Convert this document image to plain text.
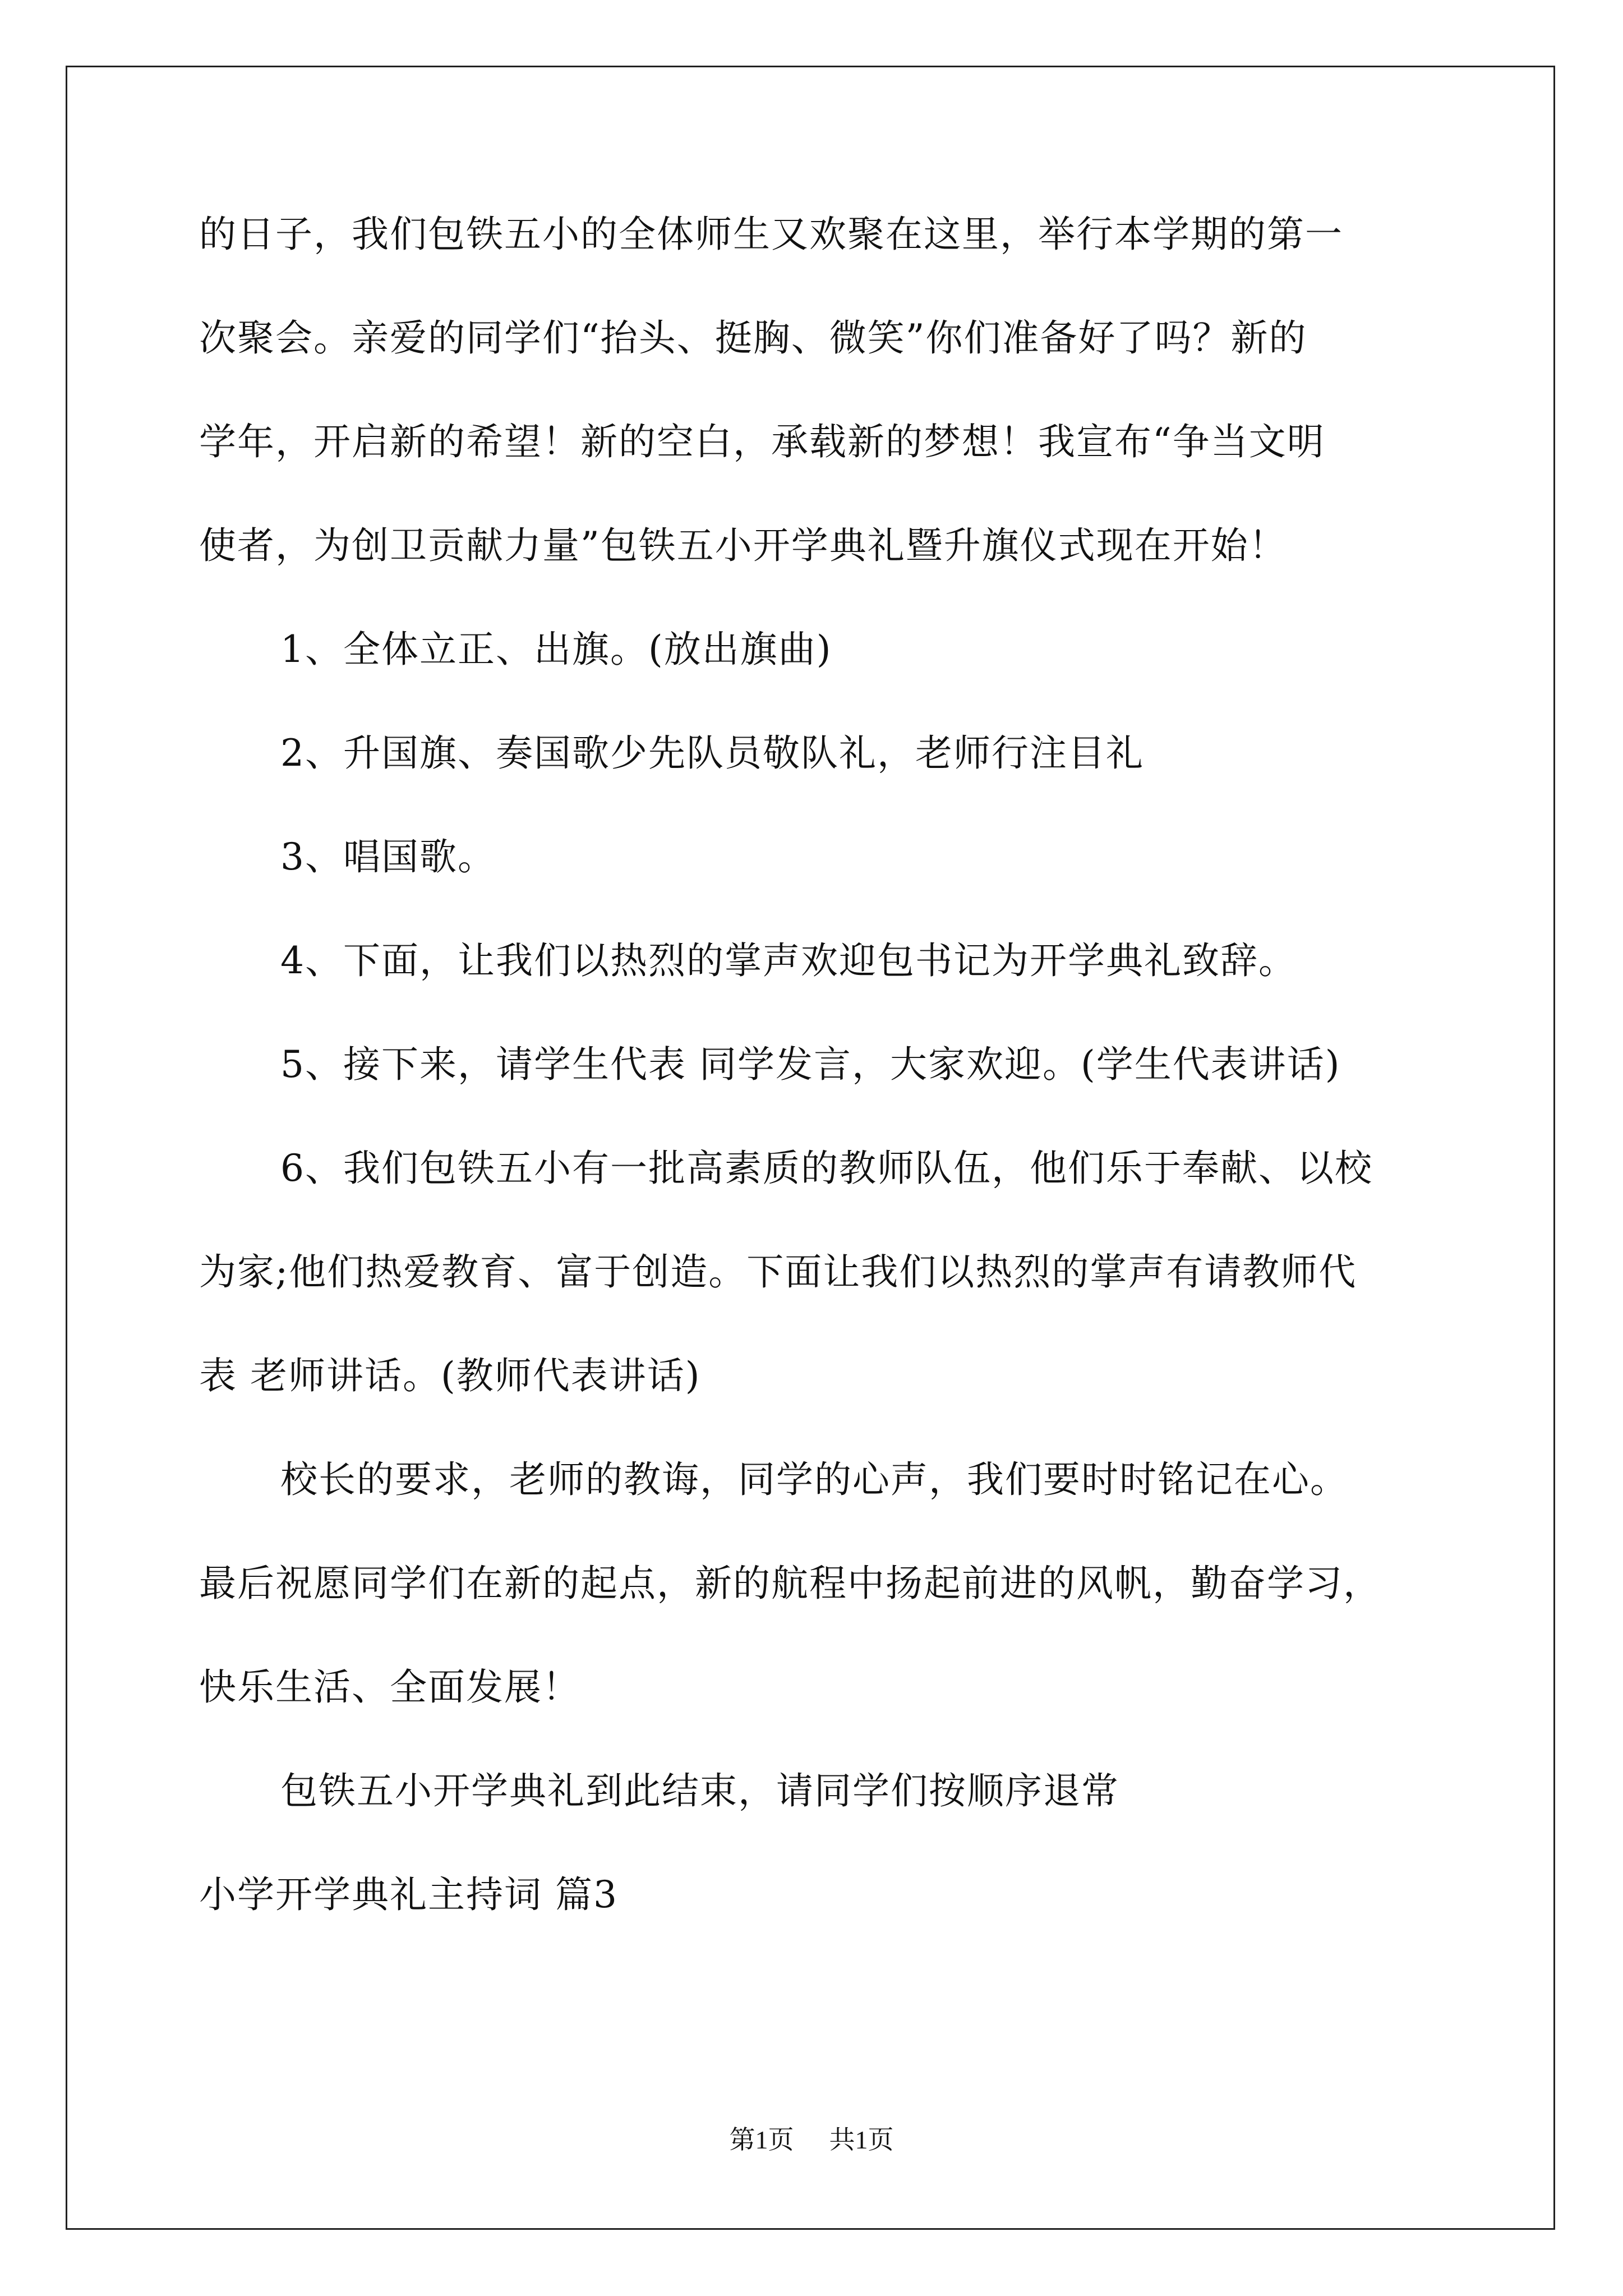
的日子，我们包铁五小的全体师生又欢聚在这里，举行本学期的第一

次聚会。亲爱的同学们“抬头、挺胸、微笑”你们准备好了吗？新的

学年，开启新的希望！新的空白，承载新的梦想！我宣布“争当文明

使者，为创卫贡献力量”包铁五小开学典礼暨升旗仪式现在开始！

1、全体立正、出旗。(放出旗曲)

2、升国旗、奏国歌少先队员敬队礼，老师行注目礼

3、唱国歌。

4、下面，让我们以热烈的掌声欢迎包书记为开学典礼致辞。

5、接下来，请学生代表 同学发言，大家欢迎。(学生代表讲话)

6、我们包铁五小有一批高素质的教师队伍，他们乐于奉献、以校

为家;他们热爱教育、富于创造。下面让我们以热烈的掌声有请教师代

表 老师讲话。(教师代表讲话)

校长的要求，老师的教诲，同学的心声，我们要时时铭记在心。

最后祝愿同学们在新的起点，新的航程中扬起前进的风帆，勤奋学习，

快乐生活、全面发展！

包铁五小开学典礼到此结束，请同学们按顺序退常

小学开学典礼主持词 篇3

第1页 共1页
